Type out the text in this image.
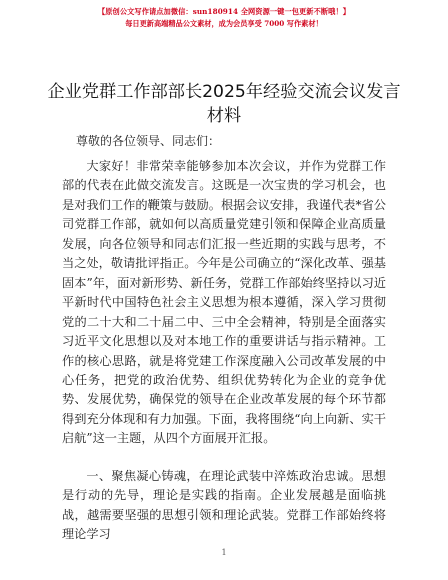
【原创公文写作请点加微信：sun180914 全网资源一键一包更新不断哦！】
每日更新高端精品公文素材，成为会员享受 7000 写作素材！
企业党群工作部部长2025年经验交流会议发言材料
尊敬的各位领导、同志们：

大家好！非常荣幸能够参加本次会议，并作为党群工作部的代表在此做交流发言。这既是一次宝贵的学习机会，也是对我们工作的鞭策与鼓励。根据会议安排，我谨代表*省公司党群工作部，就如何以高质量党建引领和保障企业高质量发展，向各位领导和同志们汇报一些近期的实践与思考，不当之处，敬请批评指正。今年是公司确立的“深化改革、强基固本”年，面对新形势、新任务，党群工作部始终坚持以习近平新时代中国特色社会主义思想为根本遵循，深入学习贯彻党的二十大和二十届二中、三中全会精神，特别是全面落实习近平文化思想以及对本地工作的重要讲话与指示精神。工作的核心思路，就是将党建工作深度融入公司改革发展的中心任务，把党的政治优势、组织优势转化为企业的竞争优势、发展优势，确保党的领导在企业改革发展的每个环节都得到充分体现和有力加强。下面，我将围绕“向上向新、实干启航”这一主题，从四个方面展开汇报。

一、聚焦凝心铸魂，在理论武装中淬炼政治忠诚。思想是行动的先导，理论是实践的指南。企业发展越是面临挑战，越需要坚强的思想引领和理论武装。党群工作部始终将理论学习

1
